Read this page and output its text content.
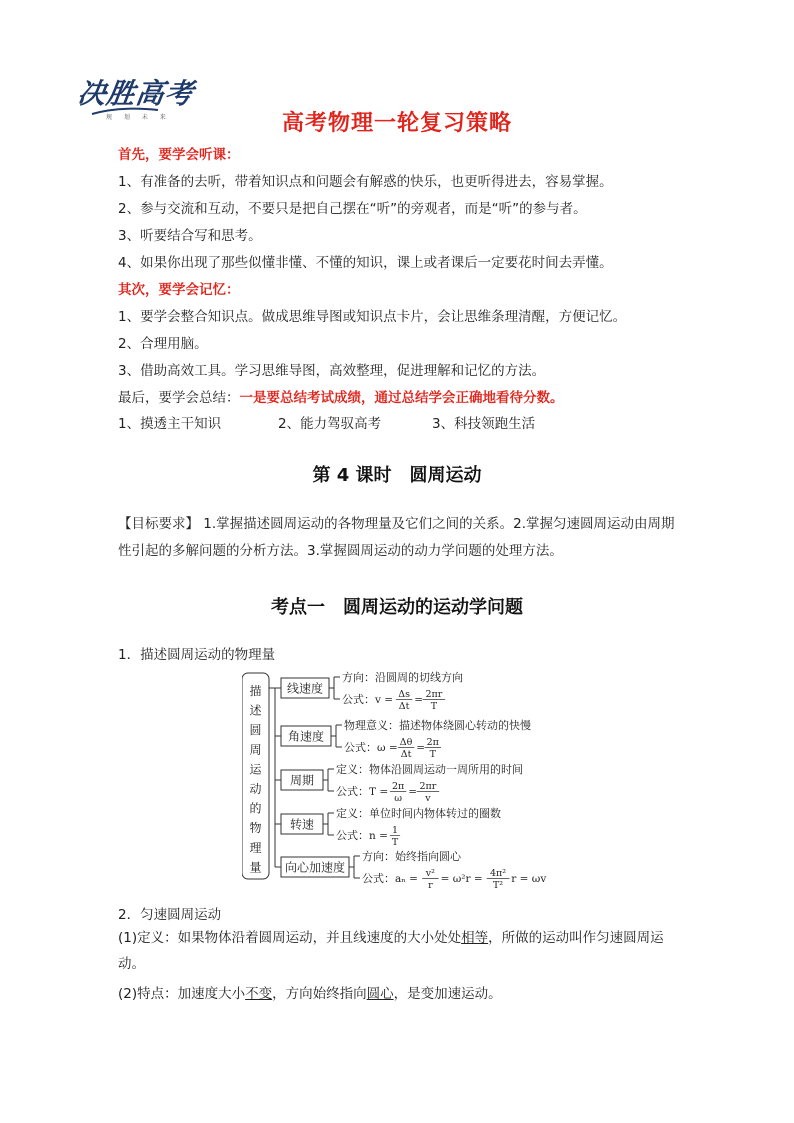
决胜高考
规 划 未 来	高考物理一轮复习策略
首先，要学会听课：
1、有准备的去听，带着知识点和问题会有解惑的快乐，也更听得进去，容易掌握。
2、参与交流和互动，不要只是把自己摆在“听”的旁观者，而是“听”的参与者。
3、听要结合写和思考。
4、如果你出现了那些似懂非懂、不懂的知识，课上或者课后一定要花时间去弄懂。
其次，要学会记忆：
1、要学会整合知识点。做成思维导图或知识点卡片，会让思维条理清醒，方便记忆。
2、合理用脑。
3、借助高效工具。学习思维导图，高效整理，促进理解和记忆的方法。
最后，要学会总结：一是要总结考试成绩，通过总结学会正确地看待分数。
1、摸透主干知识	2、能力驾驭高考	3、科技领跑生活
第 4 课时　圆周运动
【目标要求】 1.掌握描述圆周运动的各物理量及它们之间的关系。2.掌握匀速圆周运动由周期性引起的多解问题的分析方法。3.掌握圆周运动的动力学问题的处理方法。
考点一　圆周运动的运动学问题
1．描述圆周运动的物理量
描
述
圆
周
运
动
的
物
理
量
线速度
方向：沿圆周的切线方向
公式： v = Δs
Δt
= 2πr
T
角速度
物理意义：描述物体绕圆心转动的快慢
公式： ω = Δθ
Δt
= 2π
T
周期
定义：物体沿圆周运动一周所用的时间
公式： T = 2π
ω
= 2πr
v
转速
定义：单位时间内物体转过的圈数
公式： n = 1
T
向心加速度
方向：始终指向圆心
公式： aₙ = v²
r
= ω²r = 4π²
T²
r = ωv
2．匀速圆周运动
(1)定义：如果物体沿着圆周运动，并且线速度的大小处处相等，所做的运动叫作匀速圆周运动。
(2)特点：加速度大小不变，方向始终指向圆心，是变加速运动。
